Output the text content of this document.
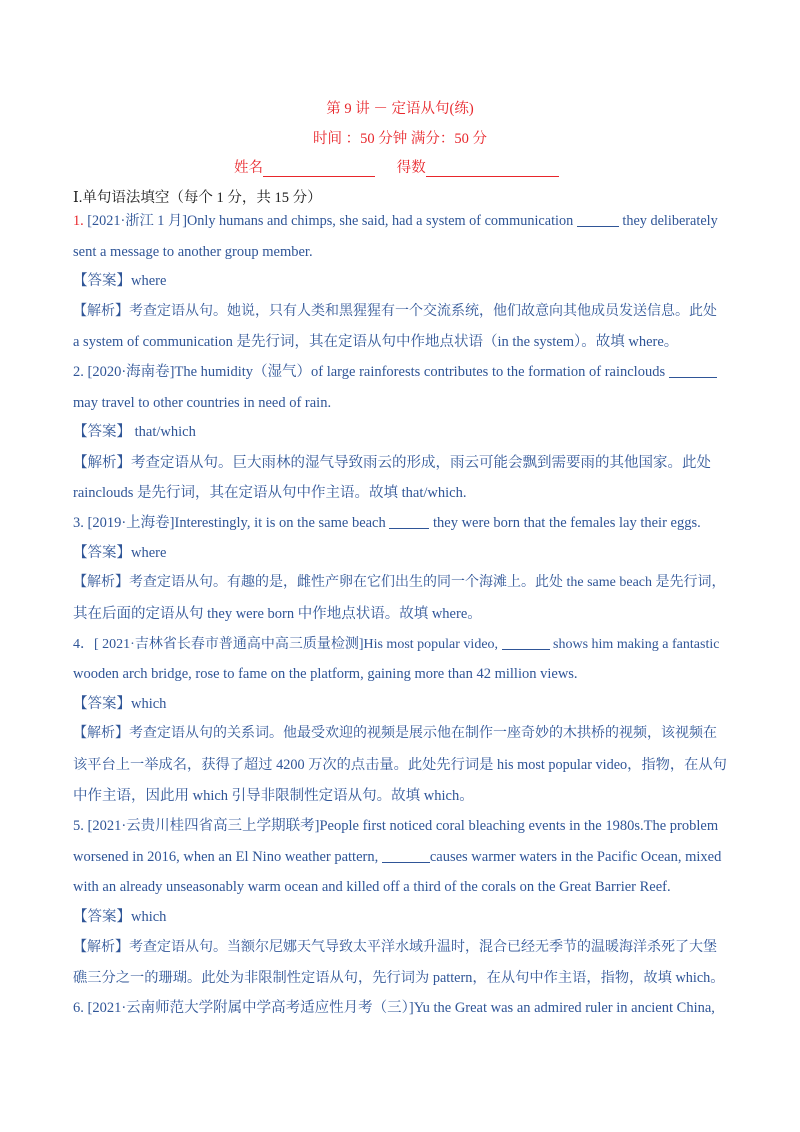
第 9 讲 － 定语从句(练)
时间 ：50 分钟 满分：50 分
姓名	得数
Ⅰ.单句语法填空（每个 1 分，共 15 分）
1. [2021·浙江 1 月]Only humans and chimps, she said, had a system of communication	they deliberately
sent a message to another group member.
【答案】where
【解析】考查定语从句。她说，只有人类和黑猩猩有一个交流系统，他们故意向其他成员发送信息。此处
a system of communication 是先行词，其在定语从句中作地点状语（in the system）。故填 where。
2. [2020·海南卷]The humidity（湿气）of large rainforests contributes to the formation of rainclouds
may travel to other countries in need of rain.
【答案】 that/which
【解析】考查定语从句。巨大雨林的湿气导致雨云的形成，雨云可能会飘到需要雨的其他国家。此处
rainclouds 是先行词，其在定语从句中作主语。故填 that/which.
3. [2019·上海卷]Interestingly, it is on the same beach	they were born that the females lay their eggs.
【答案】where
【解析】考查定语从句。有趣的是，雌性产卵在它们出生的同一个海滩上。此处 the same beach 是先行词，
其在后面的定语从句 they were born 中作地点状语。故填 where。
4．[ 2021·吉林省长春市普通高中高三质量检测]His most popular video,	shows him making a fantastic
wooden arch bridge, rose to fame on the platform, gaining more than 42 million views.
【答案】which
【解析】考查定语从句的关系词。他最受欢迎的视频是展示他在制作一座奇妙的木拱桥的视频，该视频在
该平台上一举成名，获得了超过 4200 万次的点击量。此处先行词是 his most popular video，指物，在从句
中作主语，因此用 which 引导非限制性定语从句。故填 which。
5. [2021·云贵川桂四省高三上学期联考]People first noticed coral bleaching events in the 1980s.The problem
worsened in 2016, when an El Nino weather pattern,	causes warmer waters in the Pacific Ocean, mixed
with an already unseasonably warm ocean and killed off a third of the corals on the Great Barrier Reef.
【答案】which
【解析】考查定语从句。当额尔尼娜天气导致太平洋水域升温时，混合已经无季节的温暖海洋杀死了大堡
礁三分之一的珊瑚。此处为非限制性定语从句，先行词为 pattern，在从句中作主语，指物，故填 which。
6. [2021·云南师范大学附属中学高考适应性月考（三）]Yu the Great was an admired ruler in ancient China,
